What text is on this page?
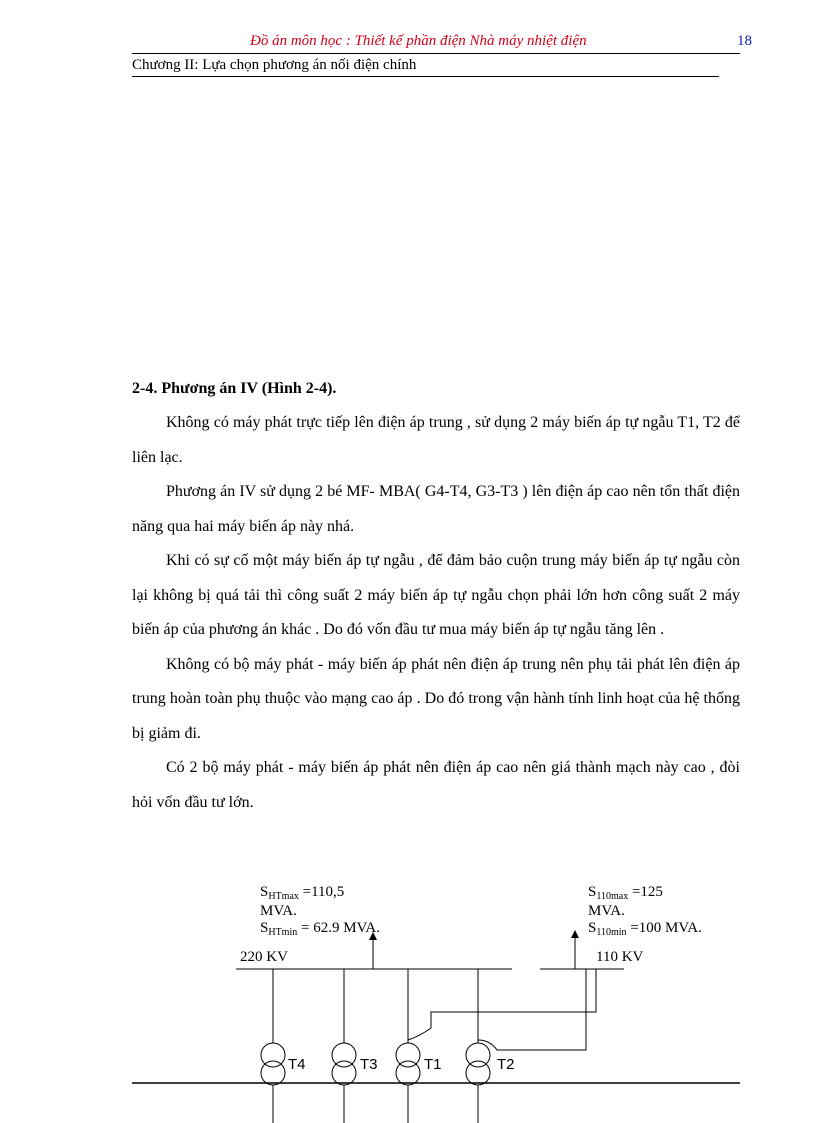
Đồ án môn học : Thiết kế phần điện Nhà máy nhiệt điện	18
Chương II: Lựa chọn phương án nối điện chính

2-4. Phương án IV (Hình 2-4).

Không có máy phát trực tiếp lên điện áp trung , sử dụng 2 máy biến áp tự ngẫu T1, T2 để liên lạc.

Phương án IV sử dụng 2 bé MF- MBA( G4-T4, G3-T3 ) lên điện áp cao nên tổn thất điện năng qua hai máy biến áp này nhá.

Khi có sự cố một máy biến áp tự ngẫu , để đảm bảo cuộn trung máy biến áp tự ngẫu còn lại không bị quá tải thì công suất 2 máy biến áp tự ngẫu chọn phải lớn hơn công suất 2 máy biến áp của phương án khác . Do đó vốn đầu tư mua máy biến áp tự ngẫu tăng lên .

Không có bộ máy phát - máy biến áp phát nên điện áp trung nên phụ tải phát lên điện áp trung hoàn toàn phụ thuộc vào mạng cao áp . Do đó trong vận hành tính linh hoạt của hệ thống bị giảm đi.

Có 2 bộ máy phát - máy biến áp phát nên điện áp cao nên giá thành mạch này cao , đòi hỏi vốn đầu tư lớn.

$S_{HTmax} =110,5$
MVA.
$S_{HTmin} = 62.9$ MVA.
$S_{110max} =125$
MVA.
$S_{110min} =100$ MVA.
220 KV	110 KV
T4	T3	T1	T2
